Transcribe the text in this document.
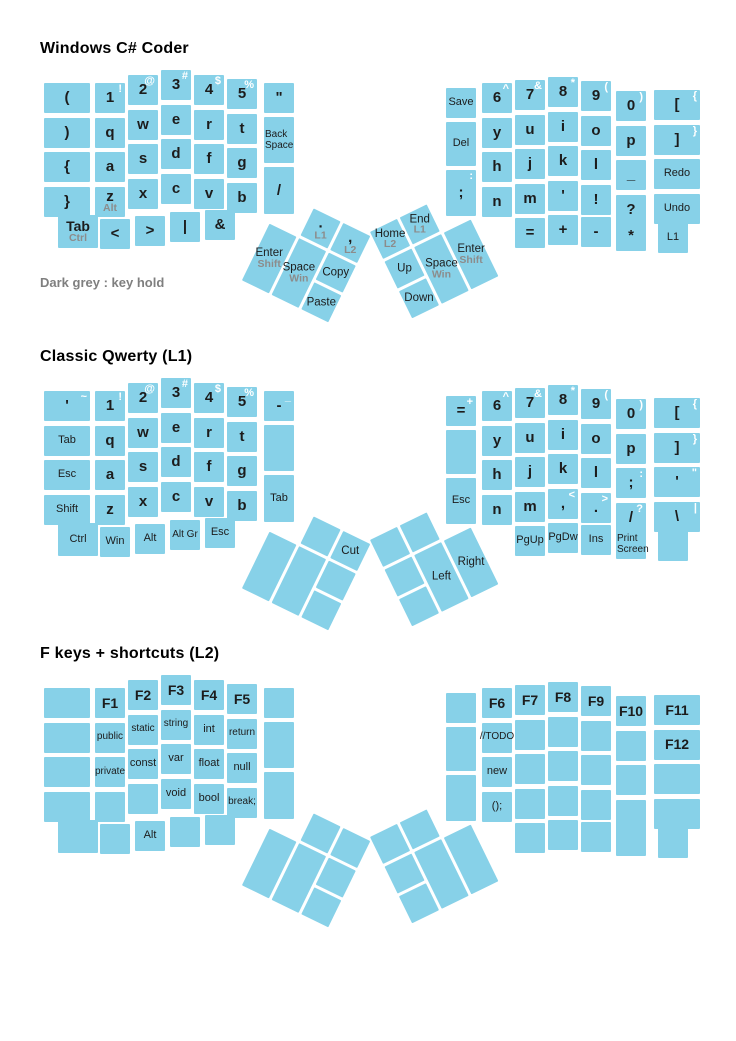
Windows C# Coder
Dark grey : key hold
Classic Qwerty (L1)
F keys + shortcuts (L2)
(
)
{
}
1
!
q
a
z
Alt
2
@
w
s
x
3
#
e
d
c
4
$
r
f
v
5
%
t
g
b
"
Back Space
/
Tab
Ctrl < > | &
[
{
]
}
Redo
Undo
6
^
y
h
n
7
&
u
j
m
8
*
i
k
'
9
(
o
l
!
0
)
p
_
?
Save
Del
;
:
= + - *	L1
.
L1 ,
L2
Enter
Shift Space
Win Copy
Paste
Home
L2
End
L1
Up
Down
Space
Win
Enter
Shift
'
~
Tab
Esc
Shift
1
!
q
a
z
2
@
w
s
x
3
#
e
d
c
4
$
r
f
v
5
%
t
g
b
-
_
Tab
Ctrl Win Alt Alt Gr Esc
[
{
]
}
'
"
\
|
6
^
y
h
n
7
&
u
j
m
8
*
i
k
,
<
9
(
o
l
.
>
0
)
p
;
:
/
?
=
+
Esc
PgUp PgDw Ins Print Screen
Cut
Left
Right
F1
public
private
F2
static
const
F3
string
var
void
F4
int
float
bool
F5
return
null
break;
Alt
F11
F12
F6
//TODO
new
();
F7 F8 F9
F10
